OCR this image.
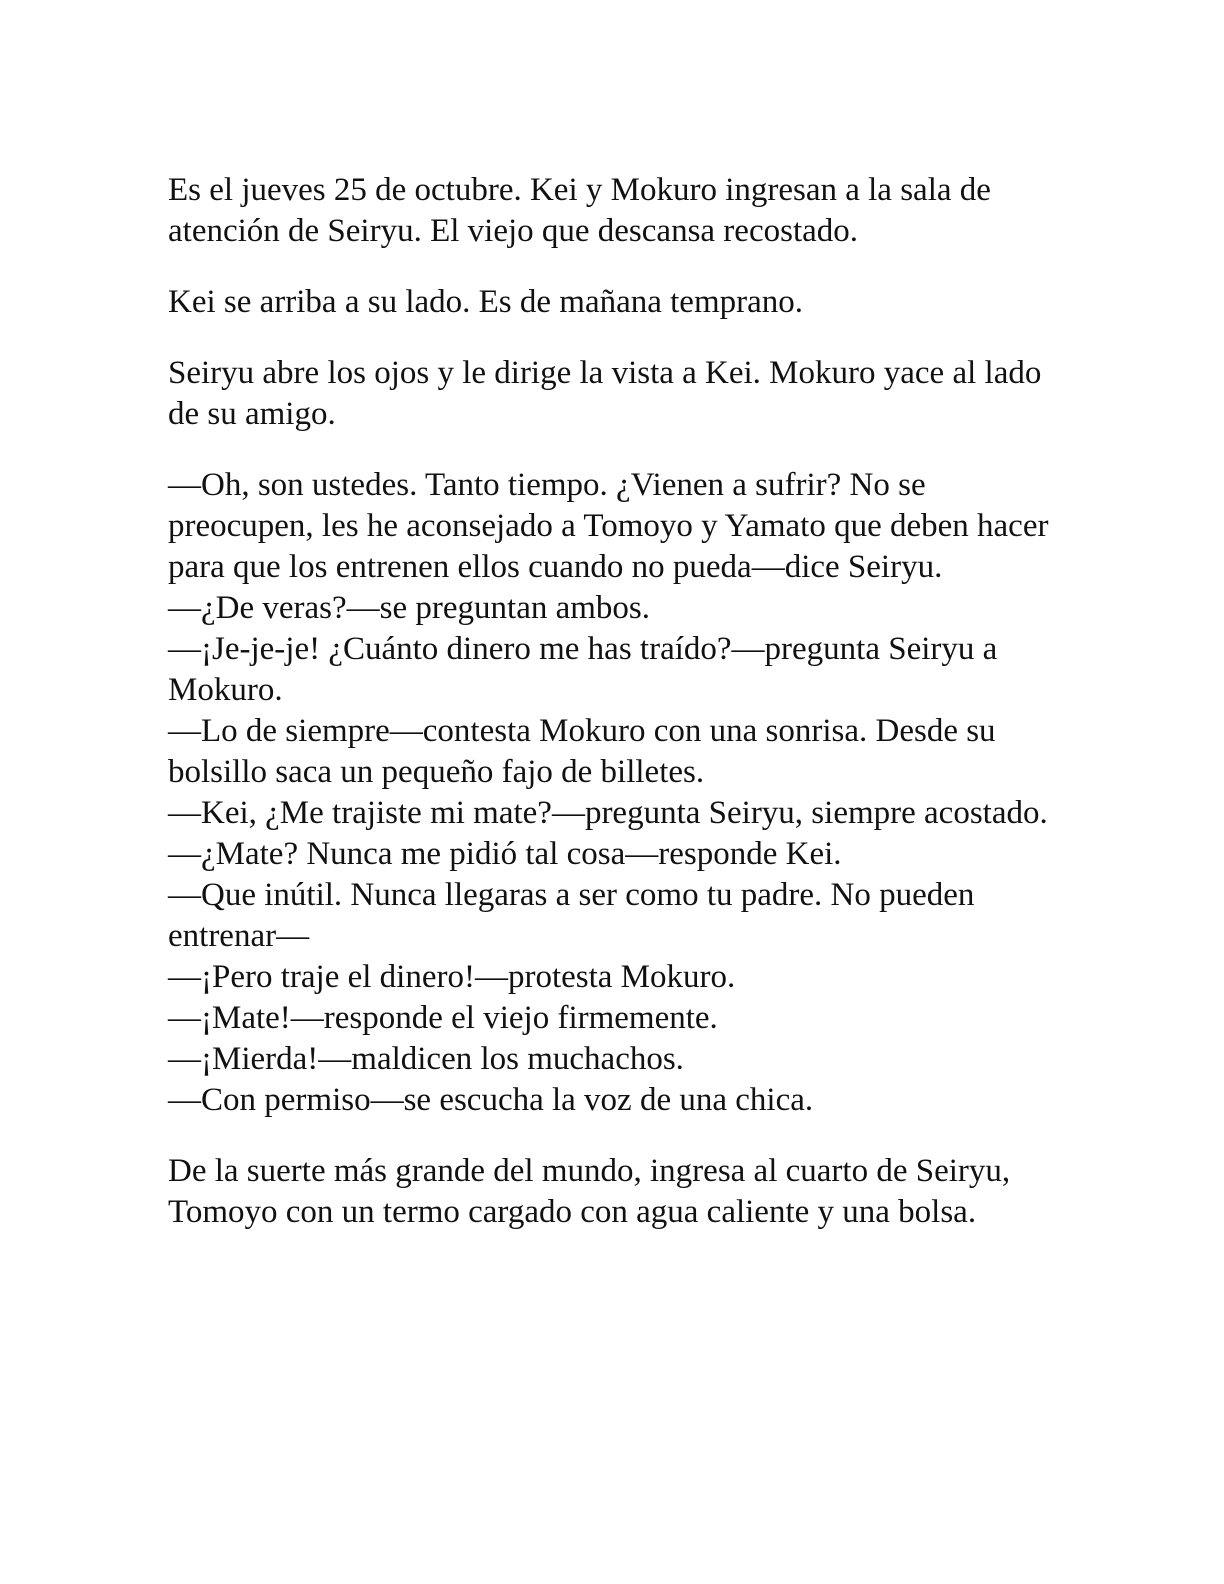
Es el jueves 25 de octubre. Kei y Mokuro ingresan a la sala de atención de Seiryu. El viejo que descansa recostado.

Kei se arriba a su lado. Es de mañana temprano.

Seiryu abre los ojos y le dirige la vista a Kei. Mokuro yace al lado de su amigo.

—Oh, son ustedes. Tanto tiempo. ¿Vienen a sufrir? No se preocupen, les he aconsejado a Tomoyo y Yamato que deben hacer para que los entrenen ellos cuando no pueda—dice Seiryu.
—¿De veras?—se preguntan ambos.
—¡Je-je-je! ¿Cuánto dinero me has traído?—pregunta Seiryu a Mokuro.
—Lo de siempre—contesta Mokuro con una sonrisa. Desde su bolsillo saca un pequeño fajo de billetes.
—Kei, ¿Me trajiste mi mate?—pregunta Seiryu, siempre acostado.
—¿Mate? Nunca me pidió tal cosa—responde Kei.
—Que inútil. Nunca llegaras a ser como tu padre. No pueden entrenar—
—¡Pero traje el dinero!—protesta Mokuro.
—¡Mate!—responde el viejo firmemente.
—¡Mierda!—maldicen los muchachos.
—Con permiso—se escucha la voz de una chica.

De la suerte más grande del mundo, ingresa al cuarto de Seiryu, Tomoyo con un termo cargado con agua caliente y una bolsa.
